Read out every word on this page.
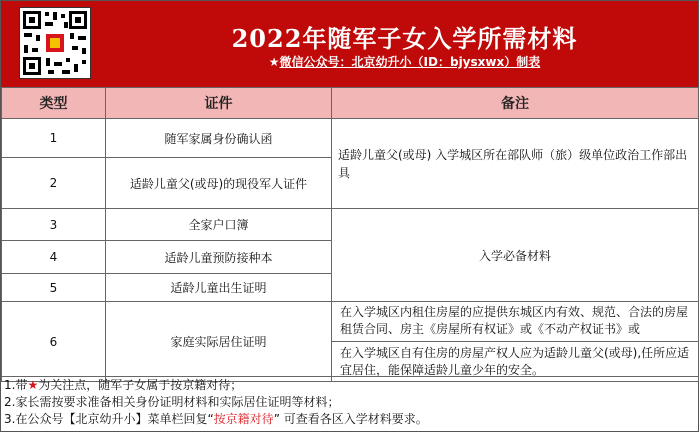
2022年随军子女入学所需材料
★微信公众号：北京幼升小（ID：bjysxwx）制表
类型	证件	备注
1	随军家属身份确认函	适龄儿童父(或母) 入学城区所在部队师（旅）级单位政治工作部出具
2	适龄儿童父(或母)的现役军人证件	
3	全家户口簿	入学必备材料
4	适龄儿童预防接种本	
5	适龄儿童出生证明	
6	家庭实际居住证明	在入学城区内租住房屋的应提供东城区内有效、规范、合法的房屋租赁合同、房主《房屋所有权证》或《不动产权证书》或
在入学城区自有住房的房屋产权人应为适龄儿童父(或母),任所应适宜居住，能保障适龄儿童少年的安全。
1.带★为关注点，随军子女属于按京籍对待；
2.家长需按要求准备相关身份证明材料和实际居住证明等材料；
3.在公众号【北京幼升小】菜单栏回复“按京籍对待” 可查看各区入学材料要求。
